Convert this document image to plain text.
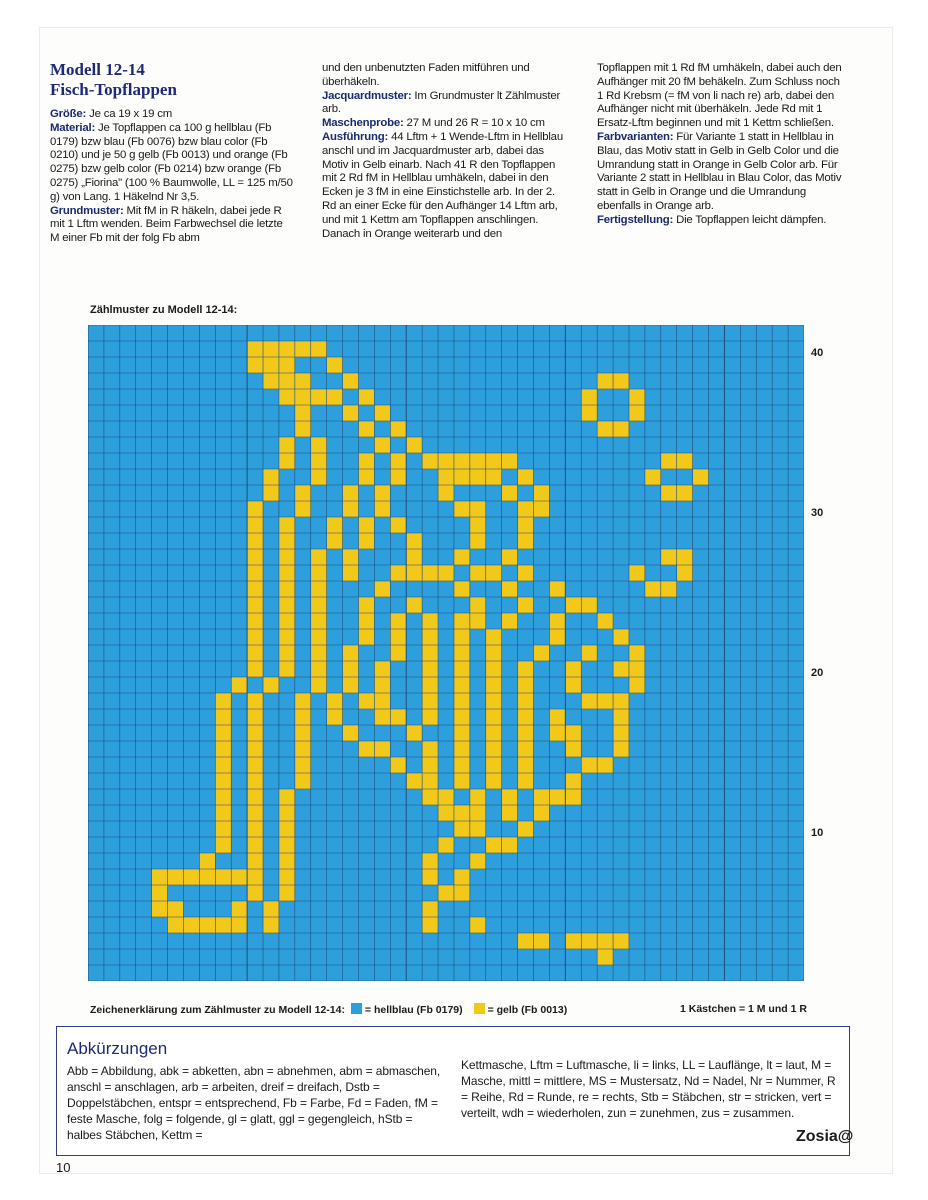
Modell 12-14
Fisch-Topflappen

Größe: Je ca 19 x 19 cm

Material: Je Topflappen ca 100 g hellblau (Fb 0179) bzw blau (Fb 0076) bzw blau color (Fb 0210) und je 50 g gelb (Fb 0013) und orange (Fb 0275) bzw gelb color (Fb 0214) bzw orange (Fb 0275) „Fiorina" (100 % Baumwolle, LL = 125 m/50 g) von Lang. 1 Häkelnd Nr 3,5.

Grundmuster: Mit fM in R häkeln, dabei jede R mit 1 Lftm wenden. Beim Farbwechsel die letzte M einer Fb mit der folg Fb abm

und den unbenutzten Faden mitführen und überhäkeln.

Jacquardmuster: Im Grundmuster lt Zählmuster arb.

Maschenprobe: 27 M und 26 R = 10 x 10 cm

Ausführung: 44 Lftm + 1 Wende-Lftm in Hellblau anschl und im Jacquardmuster arb, dabei das Motiv in Gelb einarb. Nach 41 R den Topflappen mit 2 Rd fM in Hellblau umhäkeln, dabei in den Ecken je 3 fM in eine Einstichstelle arb. In der 2. Rd an einer Ecke für den Aufhänger 14 Lftm arb, und mit 1 Kettm am Topflappen anschlingen.

Danach in Orange weiterarb und den

Topflappen mit 1 Rd fM umhäkeln, dabei auch den Aufhänger mit 20 fM behäkeln. Zum Schluss noch 1 Rd Krebsm (= fM von li nach re) arb, dabei den Aufhänger nicht mit überhäkeln. Jede Rd mit 1 Ersatz-Lftm beginnen und mit 1 Kettm schließen.

Farbvarianten: Für Variante 1 statt in Hellblau in Blau, das Motiv statt in Gelb in Gelb Color und die Umrandung statt in Orange in Gelb Color arb. Für Variante 2 statt in Hellblau in Blau Color, das Motiv statt in Gelb in Orange und die Umrandung ebenfalls in Orange arb.

Fertigstellung: Die Topflappen leicht dämpfen.

Zählmuster zu Modell 12-14:
40
30
20
10
Zeichenerklärung zum Zählmuster zu Modell 12-14: = hellblau (Fb 0179) = gelb (Fb 0013)	1 Kästchen = 1 M und 1 R
Abkürzungen
Abb = Abbildung, abk = abketten, abn = abnehmen, abm = abmaschen, anschl = anschlagen, arb = arbeiten, dreif = dreifach, Dstb = Doppelstäbchen, entspr = entsprechend, Fb = Farbe, Fd = Faden, fM = feste Masche, folg = folgende, gl = glatt, ggl = gegengleich, hStb = halbes Stäbchen, Kettm =
Kettmasche, Lftm = Luftmasche, li = links, LL = Lauflänge, lt = laut, M = Masche, mittl = mittlere, MS = Mustersatz, Nd = Nadel, Nr = Nummer, R = Reihe, Rd = Runde, re = rechts, Stb = Stäbchen, str = stricken, vert = verteilt, wdh = wiederholen, zun = zunehmen, zus = zusammen.
Zosia@
10
